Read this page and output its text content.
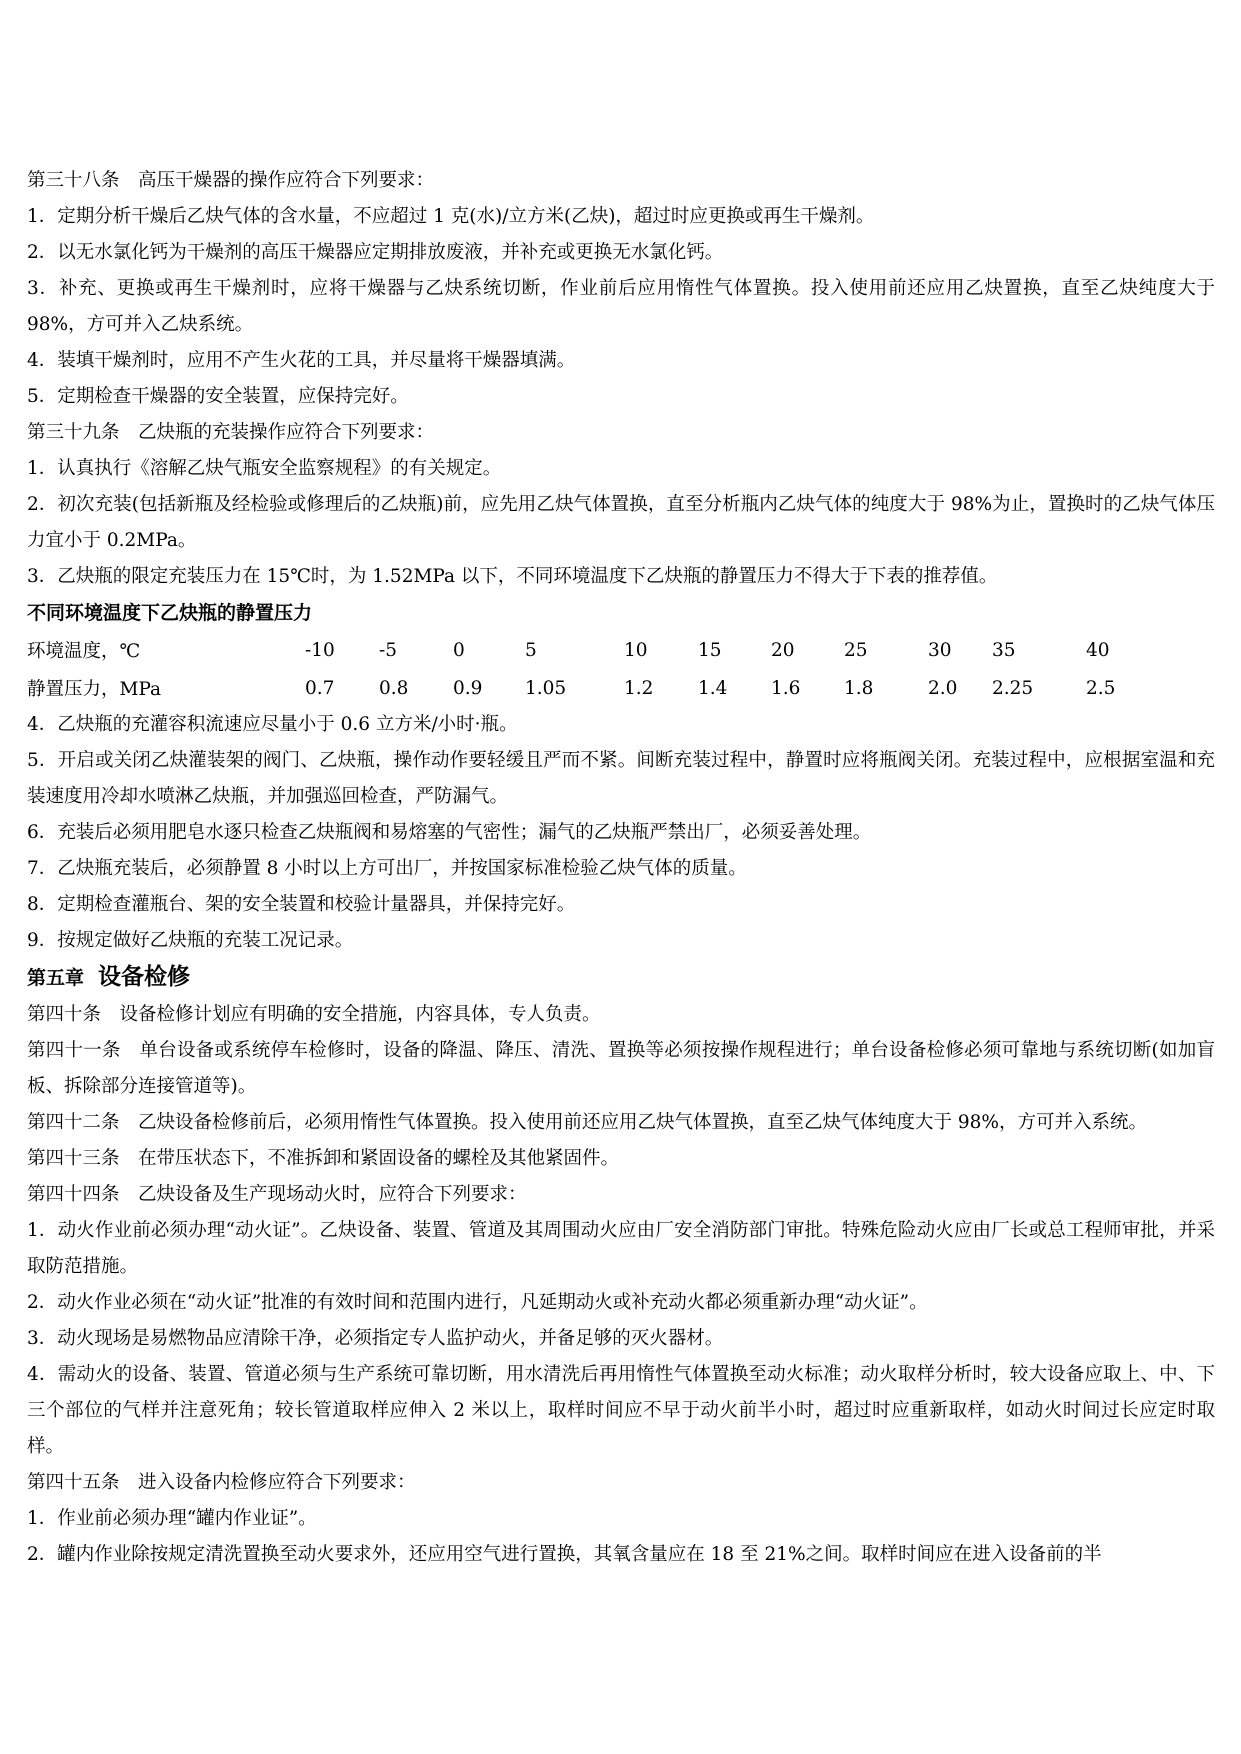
第三十八条　高压干燥器的操作应符合下列要求：

1．定期分析干燥后乙炔气体的含水量，不应超过 1 克(水)/立方米(乙炔)，超过时应更换或再生干燥剂。

2．以无水氯化钙为干燥剂的高压干燥器应定期排放废液，并补充或更换无水氯化钙。

3．补充、更换或再生干燥剂时，应将干燥器与乙炔系统切断，作业前后应用惰性气体置换。投入使用前还应用乙炔置换，直至乙炔纯度大于 98%，方可并入乙炔系统。

4．装填干燥剂时，应用不产生火花的工具，并尽量将干燥器填满。

5．定期检查干燥器的安全装置，应保持完好。

第三十九条　乙炔瓶的充装操作应符合下列要求：

1．认真执行《溶解乙炔气瓶安全监察规程》的有关规定。

2．初次充装(包括新瓶及经检验或修理后的乙炔瓶)前，应先用乙炔气体置换，直至分析瓶内乙炔气体的纯度大于 98%为止，置换时的乙炔气体压力宜小于 0.2MPa。

3．乙炔瓶的限定充装压力在 15℃时，为 1.52MPa 以下，不同环境温度下乙炔瓶的静置压力不得大于下表的推荐值。

不同环境温度下乙炔瓶的静置压力

环境温度，℃	-10	-5	0	5	10	15	20	25	30	35	40
静置压力，MPa	0.7	0.8	0.9	1.05	1.2	1.4	1.6	1.8	2.0	2.25	2.5

4．乙炔瓶的充灌容积流速应尽量小于 0.6 立方米/小时·瓶。

5．开启或关闭乙炔灌装架的阀门、乙炔瓶，操作动作要轻缓且严而不紧。间断充装过程中，静置时应将瓶阀关闭。充装过程中，应根据室温和充装速度用冷却水喷淋乙炔瓶，并加强巡回检查，严防漏气。

6．充装后必须用肥皂水逐只检查乙炔瓶阀和易熔塞的气密性；漏气的乙炔瓶严禁出厂，必须妥善处理。

7．乙炔瓶充装后，必须静置 8 小时以上方可出厂，并按国家标准检验乙炔气体的质量。

8．定期检查灌瓶台、架的安全装置和校验计量器具，并保持完好。

9．按规定做好乙炔瓶的充装工况记录。

第五章 设备检修

第四十条　设备检修计划应有明确的安全措施，内容具体，专人负责。

第四十一条　单台设备或系统停车检修时，设备的降温、降压、清洗、置换等必须按操作规程进行；单台设备检修必须可靠地与系统切断(如加盲板、拆除部分连接管道等)。

第四十二条　乙炔设备检修前后，必须用惰性气体置换。投入使用前还应用乙炔气体置换，直至乙炔气体纯度大于 98%，方可并入系统。

第四十三条　在带压状态下，不准拆卸和紧固设备的螺栓及其他紧固件。

第四十四条　乙炔设备及生产现场动火时，应符合下列要求：

1．动火作业前必须办理“动火证”。乙炔设备、装置、管道及其周围动火应由厂安全消防部门审批。特殊危险动火应由厂长或总工程师审批，并采取防范措施。

2．动火作业必须在“动火证”批准的有效时间和范围内进行，凡延期动火或补充动火都必须重新办理“动火证”。

3．动火现场是易燃物品应清除干净，必须指定专人监护动火，并备足够的灭火器材。

4．需动火的设备、装置、管道必须与生产系统可靠切断，用水清洗后再用惰性气体置换至动火标准；动火取样分析时，较大设备应取上、中、下三个部位的气样并注意死角；较长管道取样应伸入 2 米以上，取样时间应不早于动火前半小时，超过时应重新取样，如动火时间过长应定时取样。

第四十五条　进入设备内检修应符合下列要求：

1．作业前必须办理“罐内作业证”。

2．罐内作业除按规定清洗置换至动火要求外，还应用空气进行置换，其氧含量应在 18 至 21%之间。取样时间应在进入设备前的半
